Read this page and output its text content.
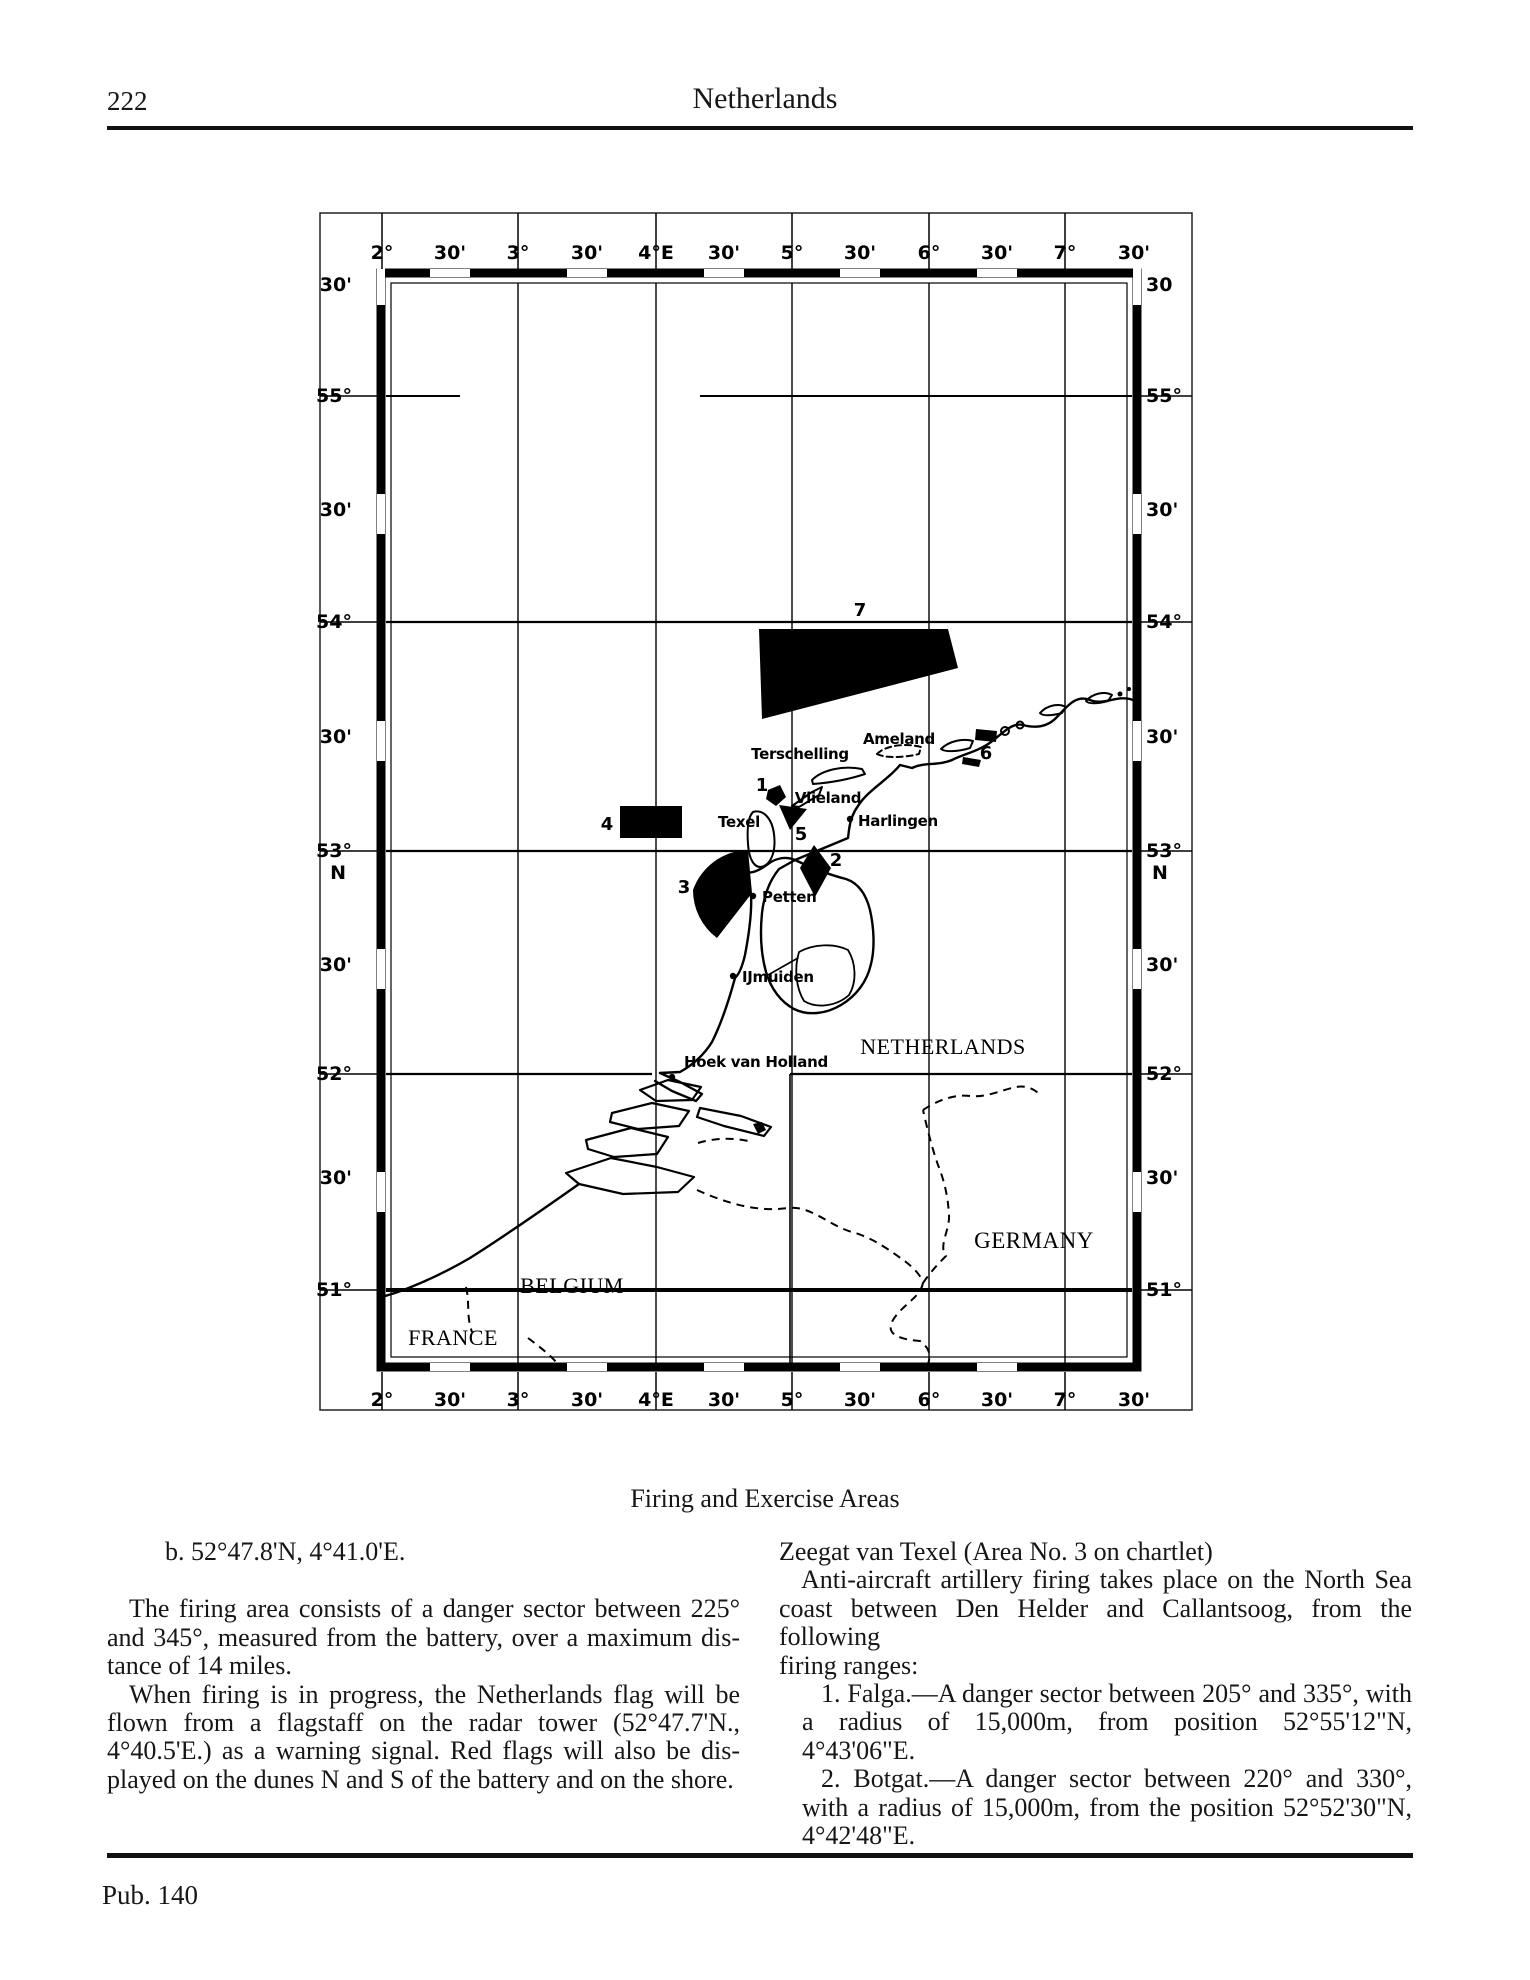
222	Netherlands
1
2
3
4	5
6
7
Terschelling
Ameland
Vlieland
Texel	Harlingen
Petten
IJmuiden
Hoek van Holland
NETHERLANDS
GERMANY
BELGIUM
FRANCE
2° 30' 3° 30' 4°E 30' 5° 30' 6° 30' 7° 30'
2° 30' 3° 30' 4°E 30' 5° 30' 6° 30' 7° 30'
30'
55°
30'
54°
30'
53°
N
30'
52°
30'
51°
30
55°
30'
54°
30'
53°
N
30'
52°
30'
51°
Firing and Exercise Areas
b. 52°47.8'N, 4°41.0'E.
The firing area consists of a danger sector between 225°
and 345°, measured from the battery, over a maximum dis-
tance of 14 miles.
When firing is in progress, the Netherlands flag will be
flown from a flagstaff on the radar tower (52°47.7'N.,
4°40.5'E.) as a warning signal. Red flags will also be dis-
played on the dunes N and S of the battery and on the shore.
Zeegat van Texel (Area No. 3 on chartlet)
Anti-aircraft artillery firing takes place on the North Sea
coast between Den Helder and Callantsoog, from the following
firing ranges:
1. Falga.—A danger sector between 205° and 335°, with
a radius of 15,000m, from position 52°55'12"N, 4°43'06"E.
2. Botgat.—A danger sector between 220° and 330°,
with a radius of 15,000m, from the position 52°52'30"N,
4°42'48"E.
Pub. 140
